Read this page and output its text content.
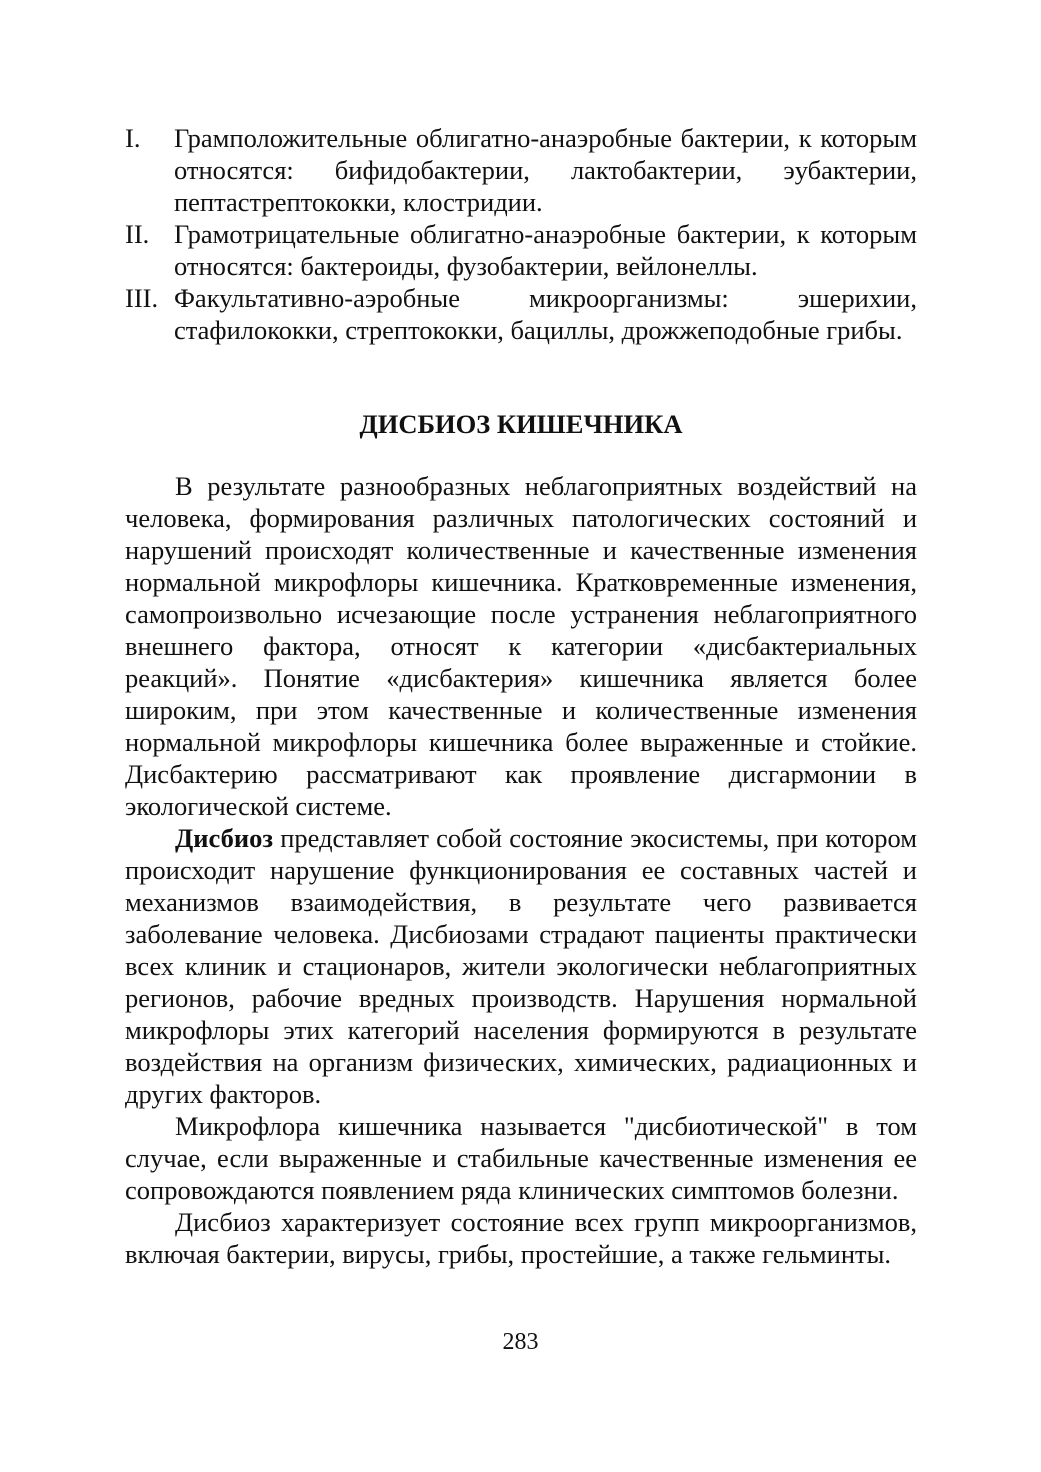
I. Грамположительные облигатно-анаэробные бактерии, к которым относятся: бифидобактерии, лактобактерии, эубактерии, пептастрептококки, клостридии.
II. Грамотрицательные облигатно-анаэробные бактерии, к которым относятся: бактероиды, фузобактерии, вейлонеллы.
III. Факультативно-аэробные микроорганизмы: эшерихии, стафилококки, стрептококки, бациллы, дрожжеподобные грибы.
ДИСБИОЗ КИШЕЧНИКА

В результате разнообразных неблагоприятных воздействий на человека, формирования различных патологических состояний и нарушений происходят количественные и качественные изменения нормальной микрофлоры кишечника. Кратковременные изменения, самопроизвольно исчезающие после устранения неблагоприятного внешнего фактора, относят к категории «дисбактериальных реакций». Понятие «дисбактерия» кишечника является более широким, при этом качественные и количественные изменения нормальной микрофлоры кишечника более выраженные и стойкие. Дисбактерию рассматривают как проявление дисгармонии в экологической системе.

Дисбиоз представляет собой состояние экосистемы, при котором происходит нарушение функционирования ее составных частей и механизмов взаимодействия, в результате чего развивается заболевание человека. Дисбиозами страдают пациенты практически всех клиник и стационаров, жители экологически неблагоприятных регионов, рабочие вредных производств. Нарушения нормальной микрофлоры этих категорий населения формируются в результате воздействия на организм физических, химических, радиационных и других факторов.

Микрофлора кишечника называется "дисбиотической" в том случае, если выраженные и стабильные качественные изменения ее сопровождаются появлением ряда клинических симптомов болезни.

Дисбиоз характеризует состояние всех групп микроорганизмов, включая бактерии, вирусы, грибы, простейшие, а также гельминты.

283
